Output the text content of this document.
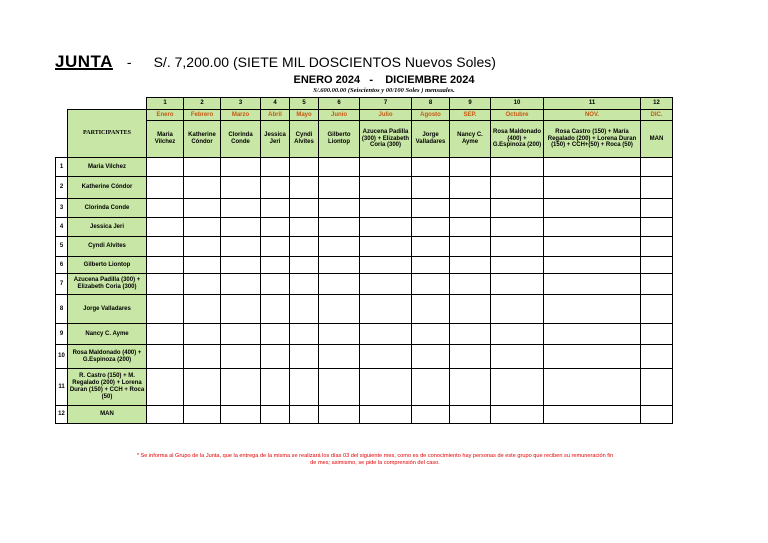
JUNTA - S/. 7,200.00 (SIETE MIL DOSCIENTOS Nuevos Soles)
ENERO 2024 - DICIEMBRE 2024
S/.600.00.00 (Seiscientos y 00/100 Soles ) mensuales.
		1	2	3	4	5	6	7	8	9	10	11	12
	PARTICIPANTES	Enero	Febrero	Marzo	Abril	Mayo	Junio	Julio	Agosto	SEP.	Octubre	NOV.	DIC.
		Maria Vilchez	Katherine Cóndor	Clorinda Conde	Jessica Jeri	Cyndi Alvites	Gilberto Liontop	Azucena Padilla (300) + Elizabeth Coria (300)	Jorge Valladares	Nancy C. Ayme	Rosa Maldonado (400) + G.Espinoza (200)	Rosa Castro (150) + María Regalado (200) + Lorena Duran (150) + CCH+(50) + Roca (50)	MAN
1	Maria Vilchez												
2	Katherine Cóndor												
3	Clorinda Conde												
4	Jessica Jeri												
5	Cyndi Alvites												
6	Gilberto Liontop												
7	Azucena Padilla (300) + Elizabeth Coria (300)												
8	Jorge Valladares												
9	Nancy C. Ayme												
10	Rosa Maldonado (400) + G.Espinoza (200)												
11	R. Castro (150) + M. Regalado (200) + Lorena Duran (150) + CCH + Roca (50)												
12	MAN												
* Se informa al Grupo de la Junta, que la entrega de la misma se realizará los días 03 del siguiente mes, como es de conocimiento hay personas de este grupo que reciben su remuneración fin
de mes; asimismo, se pide la comprensión del caso.
